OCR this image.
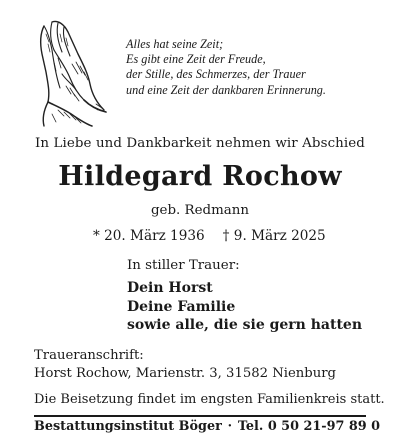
Alles hat seine Zeit;
Es gibt eine Zeit der Freude,
der Stille, des Schmerzes, der Trauer
und eine Zeit der dankbaren Erinnerung.
In Liebe und Dankbarkeit nehmen wir Abschied
Hildegard Rochow
geb. Redmann
* 20. März 1936 † 9. März 2025
In stiller Trauer:
Dein Horst
Deine Familie
sowie alle, die sie gern hatten
Traueranschrift:
Horst Rochow, Marienstr. 3, 31582 Nienburg
Die Beisetzung findet im engsten Familienkreis statt.
Bestattungsinstitut Böger · Tel. 0 50 21-97 89 0
